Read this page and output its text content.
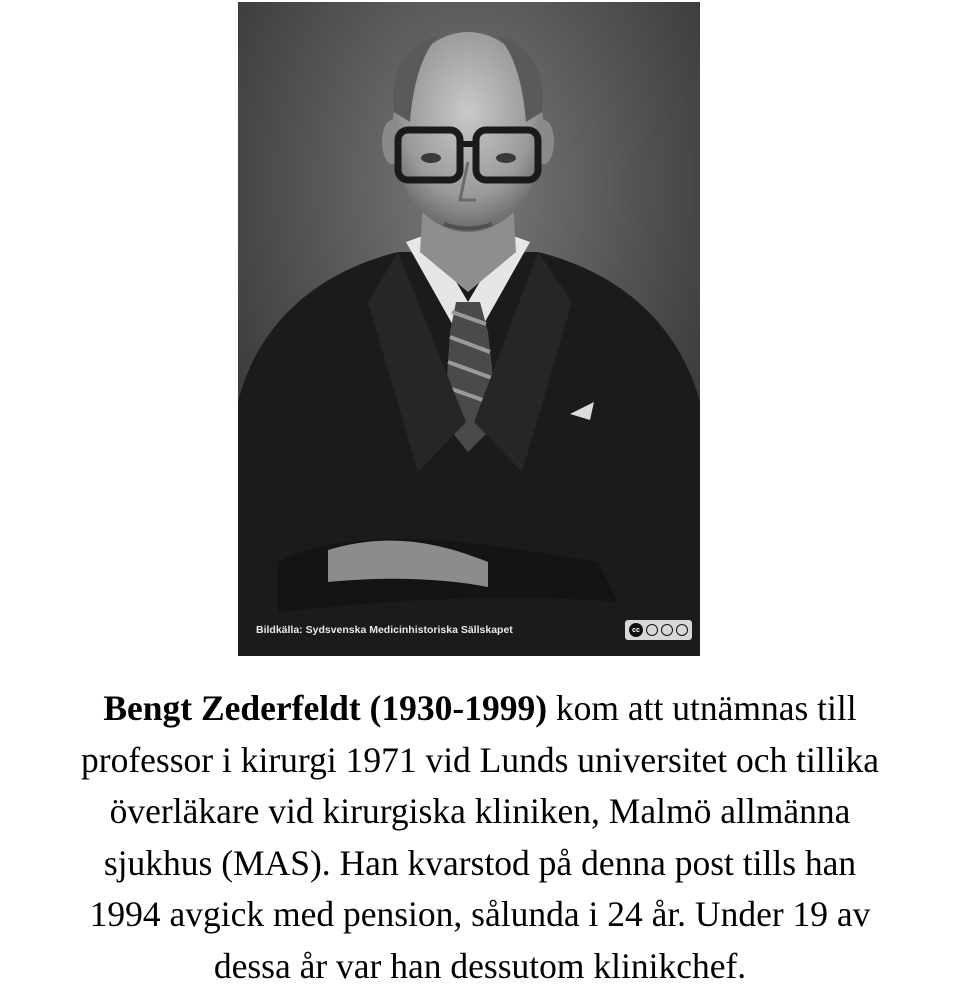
Bildkälla: Sydsvenska Medicinhistoriska Sällskapet	cc

Bengt Zederfeldt (1930-1999) kom att utnämnas till
professor i kirurgi 1971 vid Lunds universitet och tillika
överläkare vid kirurgiska kliniken, Malmö allmänna
sjukhus (MAS). Han kvarstod på denna post tills han
1994 avgick med pension, sålunda i 24 år. Under 19 av
dessa år var han dessutom klinikchef.
